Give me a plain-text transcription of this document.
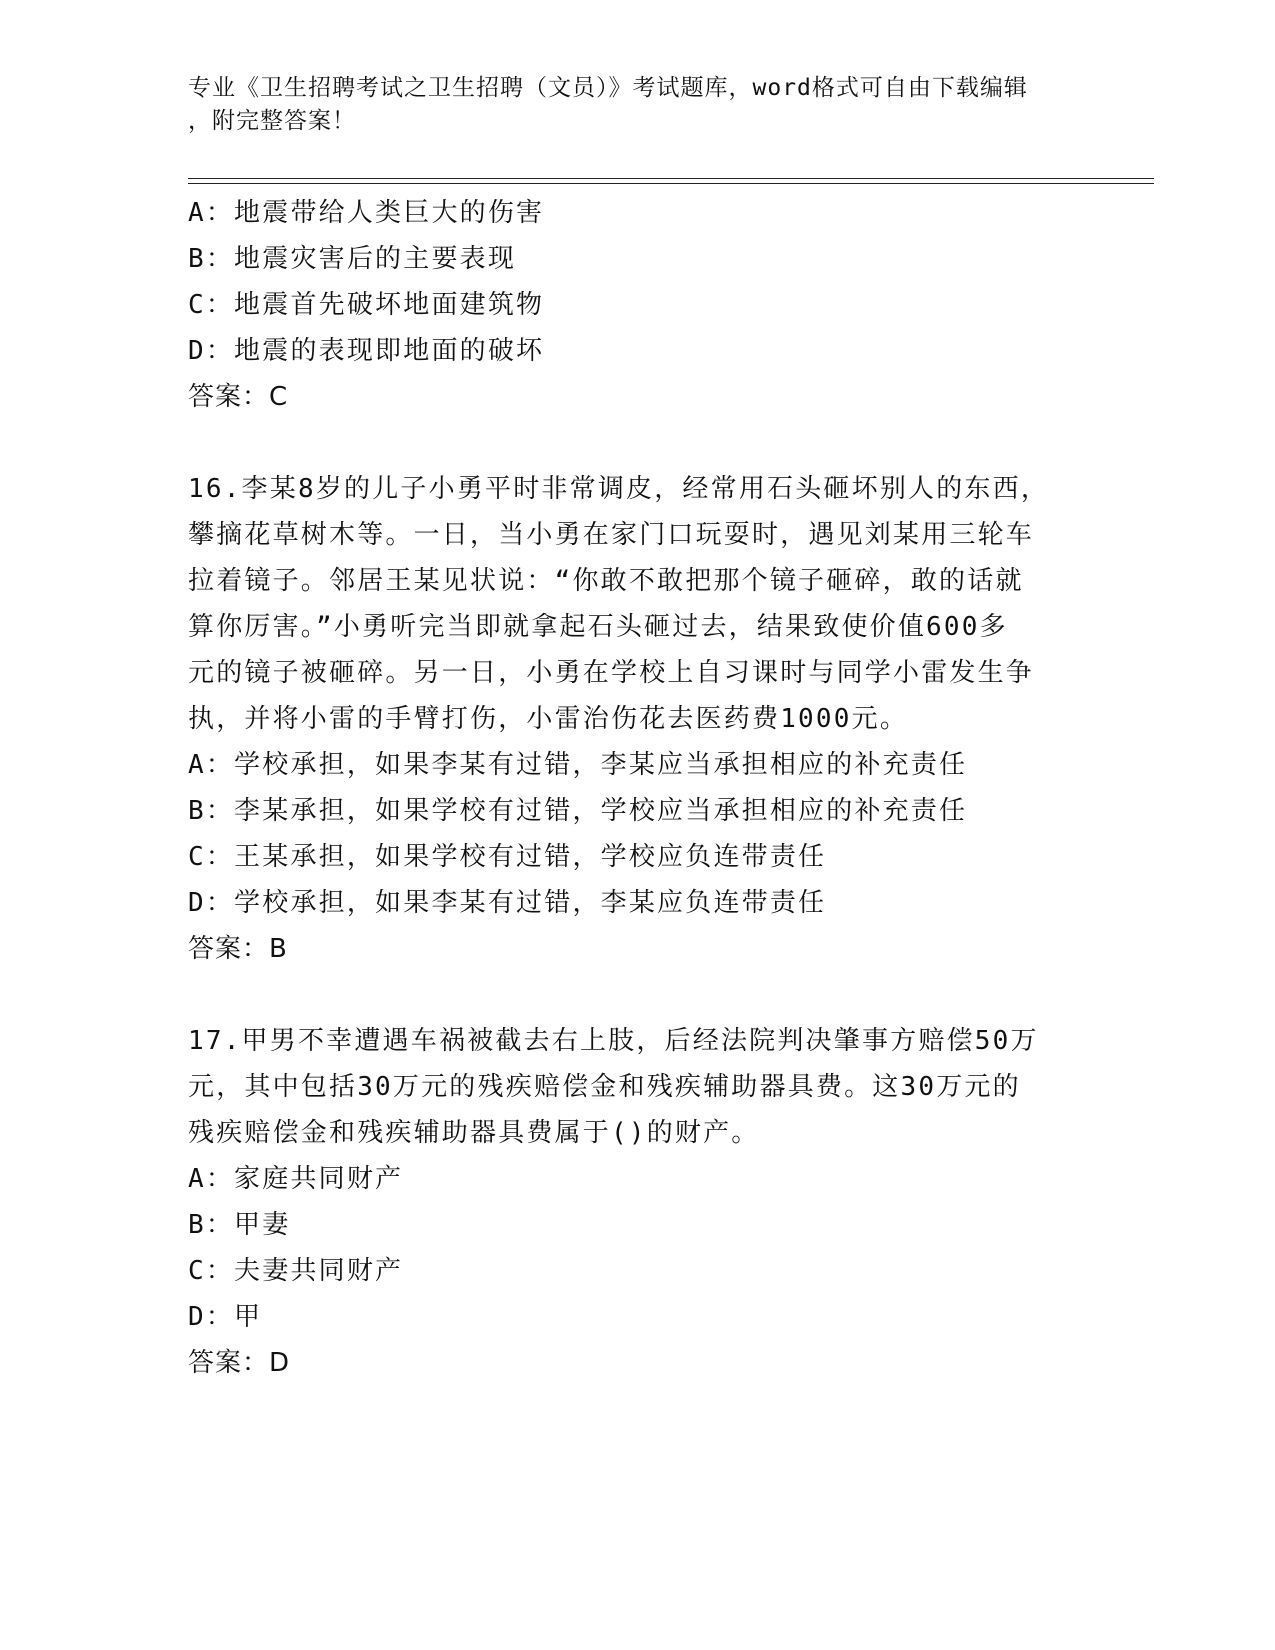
专业《卫生招聘考试之卫生招聘（文员）》考试题库，word格式可自由下载编辑
，附完整答案！
A：地震带给人类巨大的伤害
B：地震灾害后的主要表现
C：地震首先破坏地面建筑物
D：地震的表现即地面的破坏
答案：C
16.李某8岁的儿子小勇平时非常调皮，经常用石头砸坏别人的东西，
攀摘花草树木等。一日，当小勇在家门口玩耍时，遇见刘某用三轮车
拉着镜子。邻居王某见状说：“你敢不敢把那个镜子砸碎，敢的话就
算你厉害。”小勇听完当即就拿起石头砸过去，结果致使价值600多
元的镜子被砸碎。另一日，小勇在学校上自习课时与同学小雷发生争
执，并将小雷的手臂打伤，小雷治伤花去医药费1000元。
A：学校承担，如果李某有过错，李某应当承担相应的补充责任
B：李某承担，如果学校有过错，学校应当承担相应的补充责任
C：王某承担，如果学校有过错，学校应负连带责任
D：学校承担，如果李某有过错，李某应负连带责任
答案：B
17.甲男不幸遭遇车祸被截去右上肢，后经法院判决肇事方赔偿50万
元，其中包括30万元的残疾赔偿金和残疾辅助器具费。这30万元的
残疾赔偿金和残疾辅助器具费属于()的财产。
A：家庭共同财产
B：甲妻
C：夫妻共同财产
D：甲
答案：D
